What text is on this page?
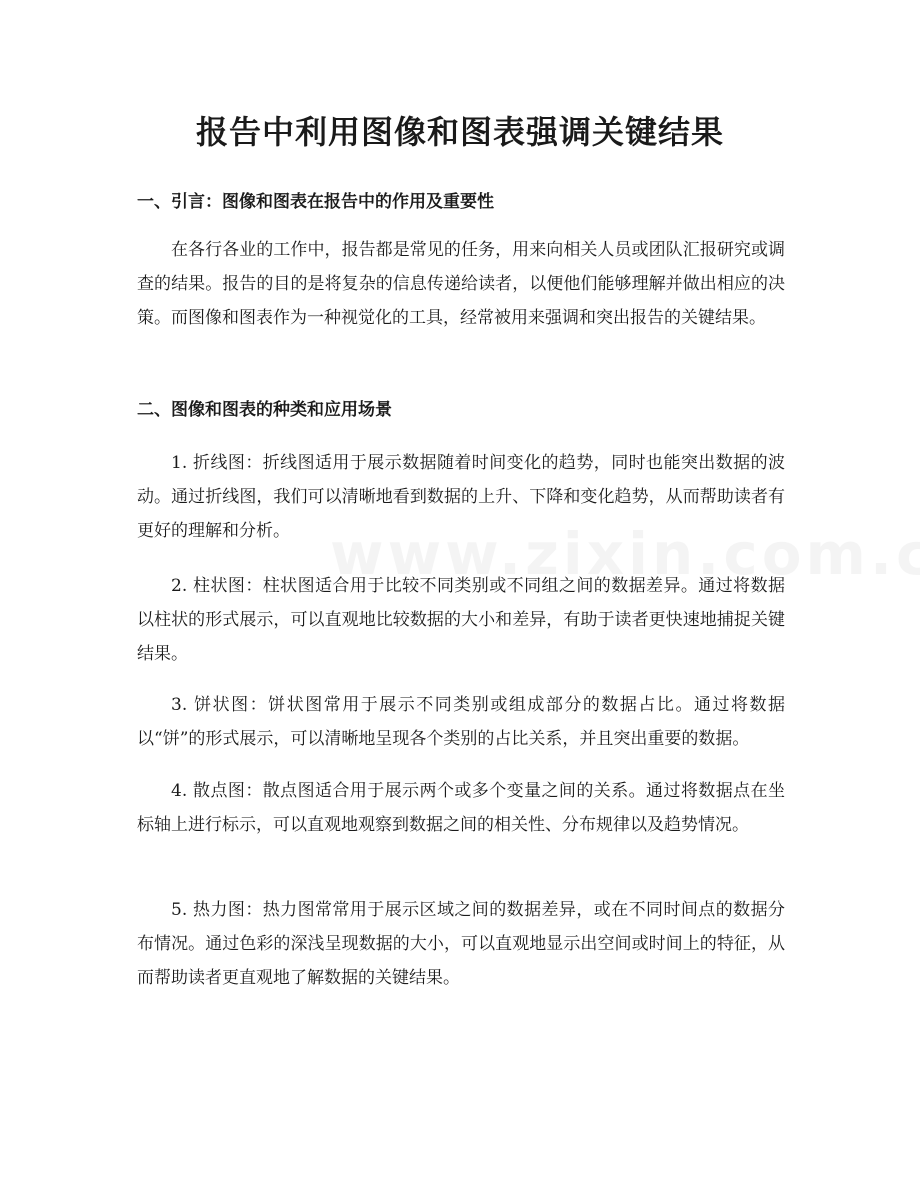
报告中利用图像和图表强调关键结果
一、引言：图像和图表在报告中的作用及重要性

在各行各业的工作中，报告都是常见的任务，用来向相关人员或团队汇报研究或调查的结果。报告的目的是将复杂的信息传递给读者，以便他们能够理解并做出相应的决策。而图像和图表作为一种视觉化的工具，经常被用来强调和突出报告的关键结果。

二、图像和图表的种类和应用场景

1. 折线图：折线图适用于展示数据随着时间变化的趋势，同时也能突出数据的波动。通过折线图，我们可以清晰地看到数据的上升、下降和变化趋势，从而帮助读者有更好的理解和分析。

2. 柱状图：柱状图适合用于比较不同类别或不同组之间的数据差异。通过将数据以柱状的形式展示，可以直观地比较数据的大小和差异，有助于读者更快速地捕捉关键结果。

3. 饼状图：饼状图常用于展示不同类别或组成部分的数据占比。通过将数据以“饼”的形式展示，可以清晰地呈现各个类别的占比关系，并且突出重要的数据。

4. 散点图：散点图适合用于展示两个或多个变量之间的关系。通过将数据点在坐标轴上进行标示，可以直观地观察到数据之间的相关性、分布规律以及趋势情况。

5. 热力图：热力图常常用于展示区域之间的数据差异，或在不同时间点的数据分布情况。通过色彩的深浅呈现数据的大小，可以直观地显示出空间或时间上的特征，从而帮助读者更直观地了解数据的关键结果。
